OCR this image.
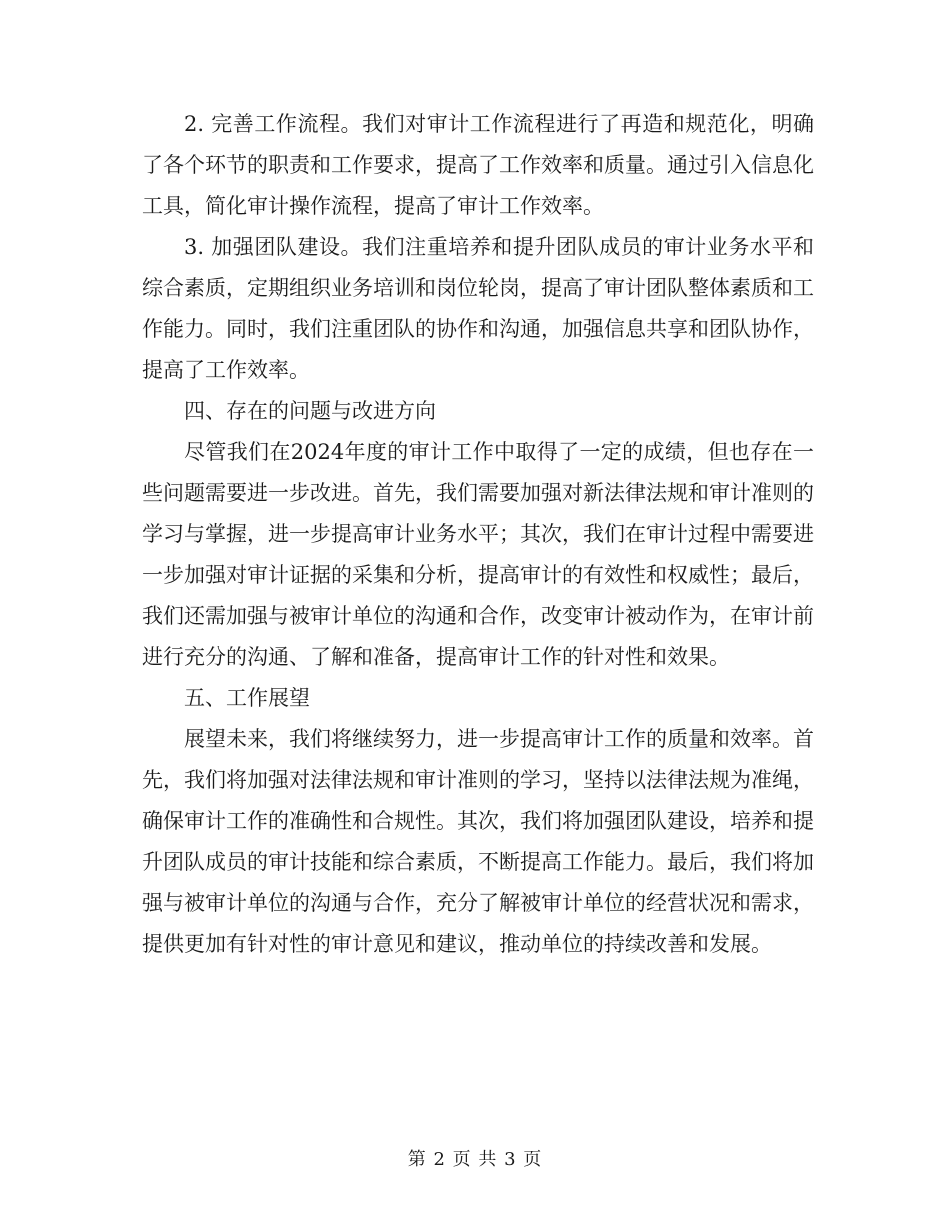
2. 完善工作流程。我们对审计工作流程进行了再造和规范化，明确了各个环节的职责和工作要求，提高了工作效率和质量。通过引入信息化工具，简化审计操作流程，提高了审计工作效率。

3. 加强团队建设。我们注重培养和提升团队成员的审计业务水平和综合素质，定期组织业务培训和岗位轮岗，提高了审计团队整体素质和工作能力。同时，我们注重团队的协作和沟通，加强信息共享和团队协作，提高了工作效率。

四、存在的问题与改进方向

尽管我们在2024年度的审计工作中取得了一定的成绩，但也存在一些问题需要进一步改进。首先，我们需要加强对新法律法规和审计准则的学习与掌握，进一步提高审计业务水平；其次，我们在审计过程中需要进一步加强对审计证据的采集和分析，提高审计的有效性和权威性；最后，我们还需加强与被审计单位的沟通和合作，改变审计被动作为，在审计前进行充分的沟通、了解和准备，提高审计工作的针对性和效果。

五、工作展望

展望未来，我们将继续努力，进一步提高审计工作的质量和效率。首先，我们将加强对法律法规和审计准则的学习，坚持以法律法规为准绳，确保审计工作的准确性和合规性。其次，我们将加强团队建设，培养和提升团队成员的审计技能和综合素质，不断提高工作能力。最后，我们将加强与被审计单位的沟通与合作，充分了解被审计单位的经营状况和需求，提供更加有针对性的审计意见和建议，推动单位的持续改善和发展。

第 2 页 共 3 页
